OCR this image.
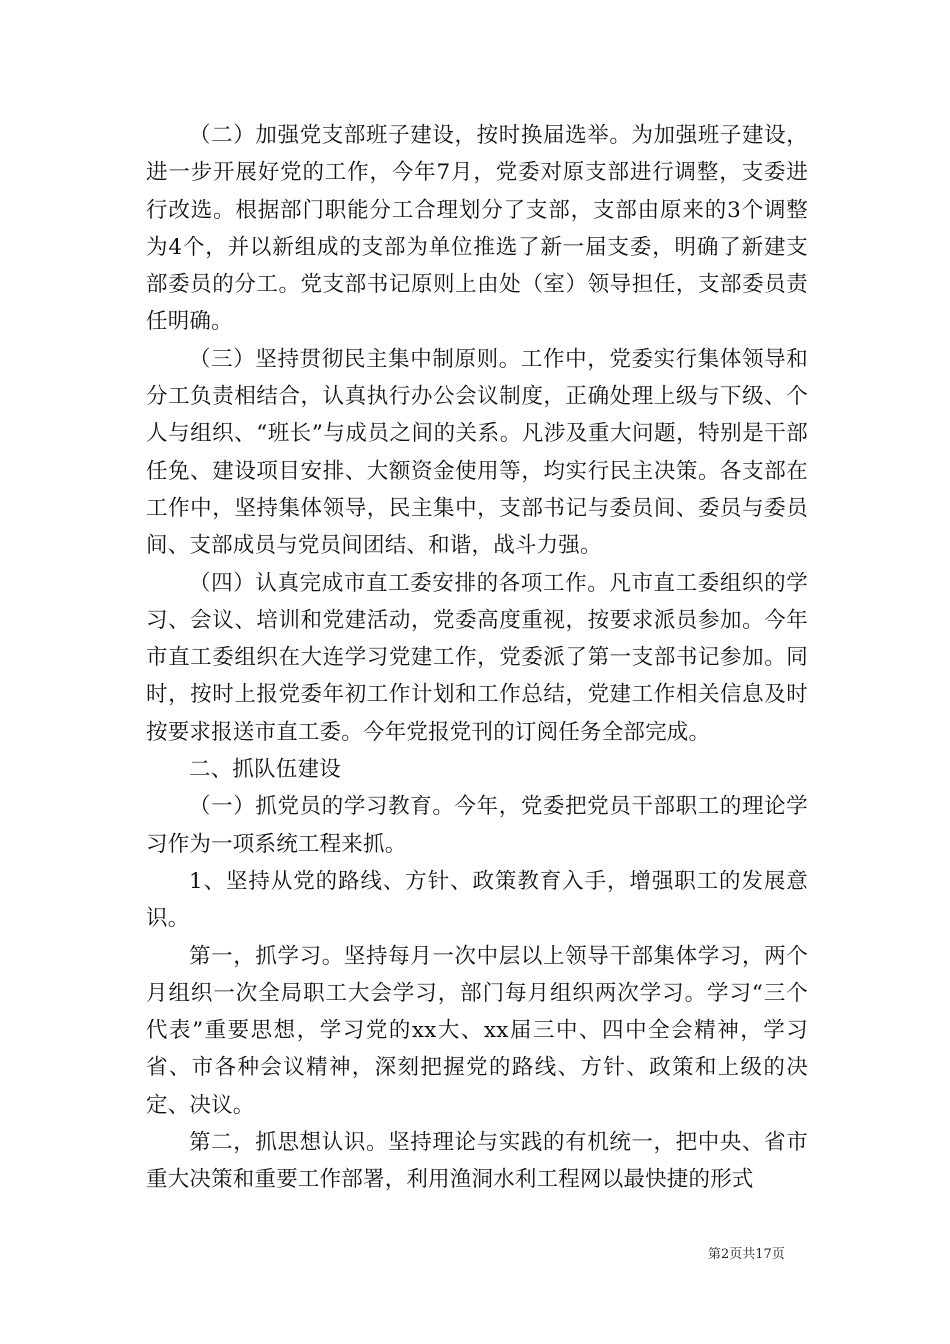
（二）加强党支部班子建设，按时换届选举。为加强班子建设，进一步开展好党的工作，今年7月，党委对原支部进行调整，支委进行改选。根据部门职能分工合理划分了支部，支部由原来的3个调整为4个，并以新组成的支部为单位推选了新一届支委，明确了新建支部委员的分工。党支部书记原则上由处（室）领导担任，支部委员责任明确。

（三）坚持贯彻民主集中制原则。工作中，党委实行集体领导和分工负责相结合，认真执行办公会议制度，正确处理上级与下级、个人与组织、“班长”与成员之间的关系。凡涉及重大问题，特别是干部任免、建设项目安排、大额资金使用等，均实行民主决策。各支部在工作中，坚持集体领导，民主集中，支部书记与委员间、委员与委员间、支部成员与党员间团结、和谐，战斗力强。

（四）认真完成市直工委安排的各项工作。凡市直工委组织的学习、会议、培训和党建活动，党委高度重视，按要求派员参加。今年市直工委组织在大连学习党建工作，党委派了第一支部书记参加。同时，按时上报党委年初工作计划和工作总结，党建工作相关信息及时按要求报送市直工委。今年党报党刊的订阅任务全部完成。

二、抓队伍建设

（一）抓党员的学习教育。今年，党委把党员干部职工的理论学习作为一项系统工程来抓。

1、坚持从党的路线、方针、政策教育入手，增强职工的发展意识。

第一，抓学习。坚持每月一次中层以上领导干部集体学习，两个月组织一次全局职工大会学习，部门每月组织两次学习。学习“三个代表”重要思想，学习党的xx大、xx届三中、四中全会精神，学习省、市各种会议精神，深刻把握党的路线、方针、政策和上级的决定、决议。

第二，抓思想认识。坚持理论与实践的有机统一，把中央、省市重大决策和重要工作部署，利用渔洞水利工程网以最快捷的形式

第2页共17页
